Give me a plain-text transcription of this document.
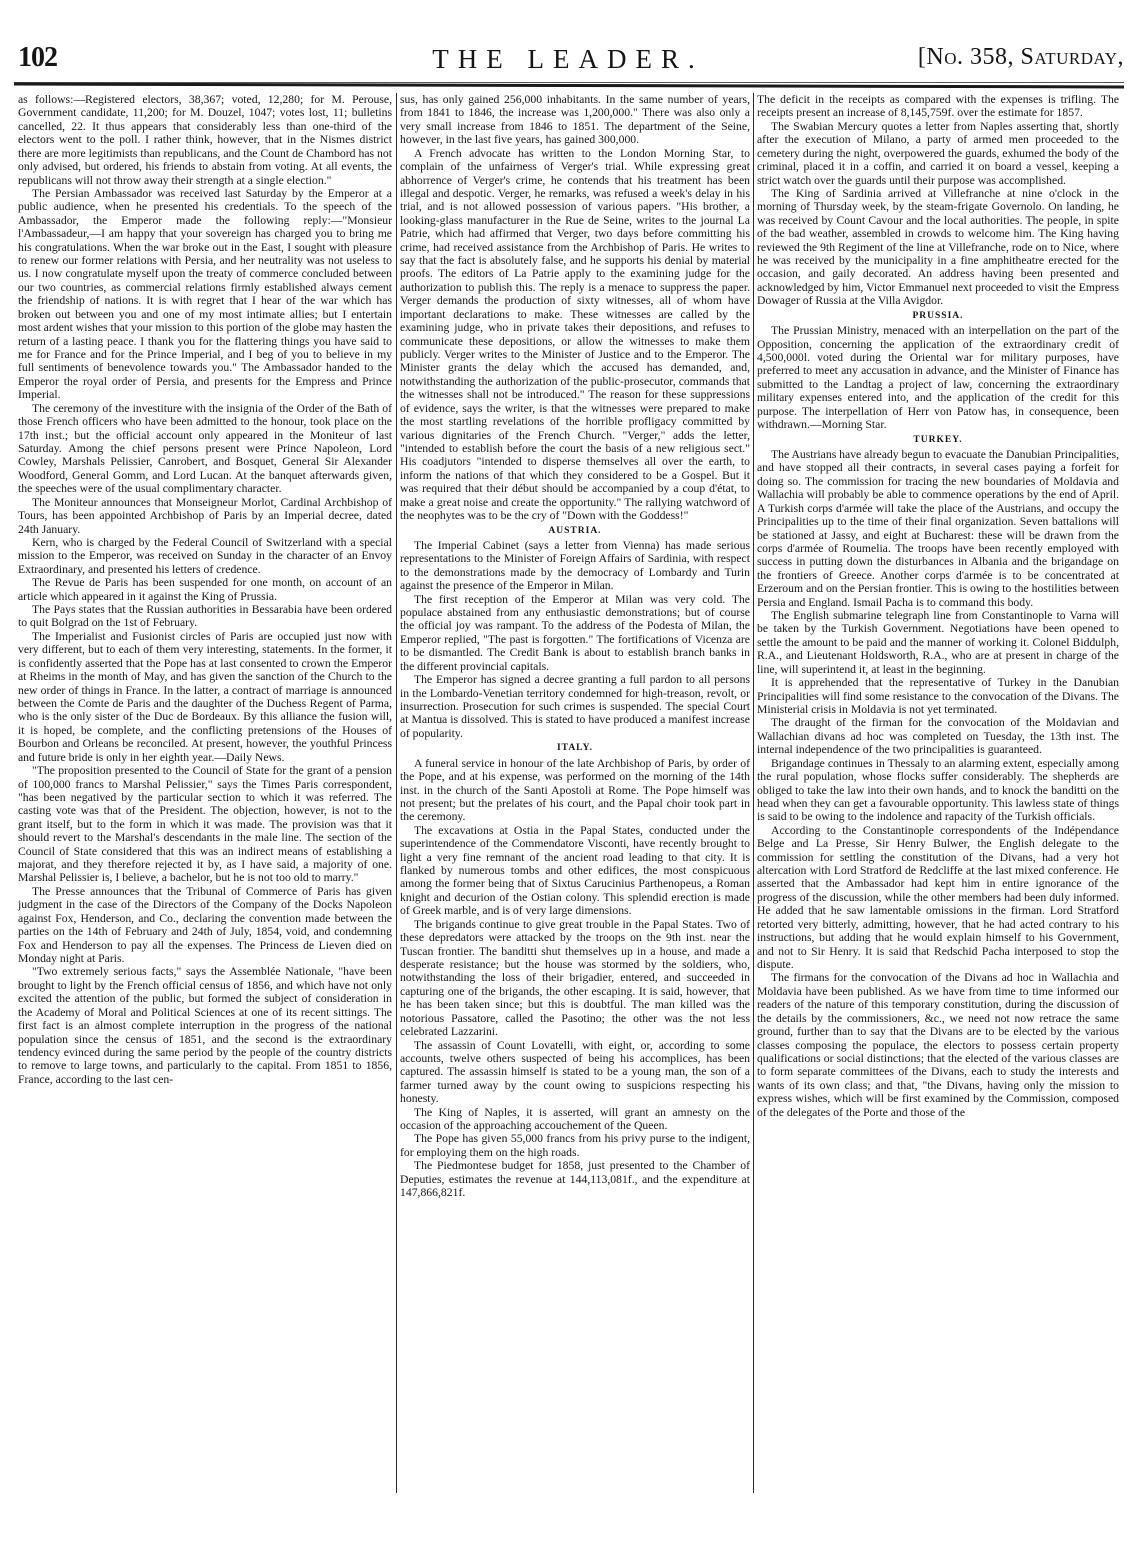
102	THE LEADER.	[No. 358, Saturday,

as follows:—Registered electors, 38,367; voted, 12,280; for M. Perouse, Government candidate, 11,200; for M. Douzel, 1047; votes lost, 11; bulletins cancelled, 22. It thus appears that considerably less than one-third of the electors went to the poll. I rather think, however, that in the Nismes district there are more legitimists than republicans, and the Count de Chambord has not only advised, but ordered, his friends to abstain from voting. At all events, the republicans will not throw away their strength at a single election."

The Persian Ambassador was received last Saturday by the Emperor at a public audience, when he presented his credentials. To the speech of the Ambassador, the Emperor made the following reply:—"Monsieur l'Ambassadeur,—I am happy that your sovereign has charged you to bring me his congratulations. When the war broke out in the East, I sought with pleasure to renew our former relations with Persia, and her neutrality was not useless to us. I now congratulate myself upon the treaty of commerce concluded between our two countries, as commercial relations firmly established always cement the friendship of nations. It is with regret that I hear of the war which has broken out between you and one of my most intimate allies; but I entertain most ardent wishes that your mission to this portion of the globe may hasten the return of a lasting peace. I thank you for the flattering things you have said to me for France and for the Prince Imperial, and I beg of you to believe in my full sentiments of benevolence towards you." The Ambassador handed to the Emperor the royal order of Persia, and presents for the Empress and Prince Imperial.

The ceremony of the investiture with the insignia of the Order of the Bath of those French officers who have been admitted to the honour, took place on the 17th inst.; but the official account only appeared in the Moniteur of last Saturday. Among the chief persons present were Prince Napoleon, Lord Cowley, Marshals Pelissier, Canrobert, and Bosquet, General Sir Alexander Woodford, General Gomm, and Lord Lucan. At the banquet afterwards given, the speeches were of the usual complimentary character.

The Moniteur announces that Monseigneur Morlot, Cardinal Archbishop of Tours, has been appointed Archbishop of Paris by an Imperial decree, dated 24th January.

Kern, who is charged by the Federal Council of Switzerland with a special mission to the Emperor, was received on Sunday in the character of an Envoy Extraordinary, and presented his letters of credence.

The Revue de Paris has been suspended for one month, on account of an article which appeared in it against the King of Prussia.

The Pays states that the Russian authorities in Bessarabia have been ordered to quit Bolgrad on the 1st of February.

The Imperialist and Fusionist circles of Paris are occupied just now with very different, but to each of them very interesting, statements. In the former, it is confidently asserted that the Pope has at last consented to crown the Emperor at Rheims in the month of May, and has given the sanction of the Church to the new order of things in France. In the latter, a contract of marriage is announced between the Comte de Paris and the daughter of the Duchess Regent of Parma, who is the only sister of the Duc de Bordeaux. By this alliance the fusion will, it is hoped, be complete, and the conflicting pretensions of the Houses of Bourbon and Orleans be reconciled. At present, however, the youthful Princess and future bride is only in her eighth year.—Daily News.

"The proposition presented to the Council of State for the grant of a pension of 100,000 francs to Marshal Pelissier," says the Times Paris correspondent, "has been negatived by the particular section to which it was referred. The casting vote was that of the President. The objection, however, is not to the grant itself, but to the form in which it was made. The provision was that it should revert to the Marshal's descendants in the male line. The section of the Council of State considered that this was an indirect means of establishing a majorat, and they therefore rejected it by, as I have said, a majority of one. Marshal Pelissier is, I believe, a bachelor, but he is not too old to marry."

The Presse announces that the Tribunal of Commerce of Paris has given judgment in the case of the Directors of the Company of the Docks Napoleon against Fox, Henderson, and Co., declaring the convention made between the parties on the 14th of February and 24th of July, 1854, void, and condemning Fox and Henderson to pay all the expenses. The Princess de Lieven died on Monday night at Paris.

"Two extremely serious facts," says the Assemblée Nationale, "have been brought to light by the French official census of 1856, and which have not only excited the attention of the public, but formed the subject of consideration in the Academy of Moral and Political Sciences at one of its recent sittings. The first fact is an almost complete interruption in the progress of the national population since the census of 1851, and the second is the extraordinary tendency evinced during the same period by the people of the country districts to remove to large towns, and particularly to the capital. From 1851 to 1856, France, according to the last cen-

sus, has only gained 256,000 inhabitants. In the same number of years, from 1841 to 1846, the increase was 1,200,000." There was also only a very small increase from 1846 to 1851. The department of the Seine, however, in the last five years, has gained 300,000.

A French advocate has written to the London Morning Star, to complain of the unfairness of Verger's trial. While expressing great abhorrence of Verger's crime, he contends that his treatment has been illegal and despotic. Verger, he remarks, was refused a week's delay in his trial, and is not allowed possession of various papers. "His brother, a looking-glass manufacturer in the Rue de Seine, writes to the journal La Patrie, which had affirmed that Verger, two days before committing his crime, had received assistance from the Archbishop of Paris. He writes to say that the fact is absolutely false, and he supports his denial by material proofs. The editors of La Patrie apply to the examining judge for the authorization to publish this. The reply is a menace to suppress the paper. Verger demands the production of sixty witnesses, all of whom have important declarations to make. These witnesses are called by the examining judge, who in private takes their depositions, and refuses to communicate these depositions, or allow the witnesses to make them publicly. Verger writes to the Minister of Justice and to the Emperor. The Minister grants the delay which the accused has demanded, and, notwithstanding the authorization of the public-prosecutor, commands that the witnesses shall not be introduced." The reason for these suppressions of evidence, says the writer, is that the witnesses were prepared to make the most startling revelations of the horrible profligacy committed by various dignitaries of the French Church. "Verger," adds the letter, "intended to establish before the court the basis of a new religious sect." His coadjutors "intended to disperse themselves all over the earth, to inform the nations of that which they considered to be a Gospel. But it was required that their début should be accompanied by a coup d'état, to make a great noise and create the opportunity." The rallying watchword of the neophytes was to be the cry of "Down with the Goddess!"

AUSTRIA.

The Imperial Cabinet (says a letter from Vienna) has made serious representations to the Minister of Foreign Affairs of Sardinia, with respect to the demonstrations made by the democracy of Lombardy and Turin against the presence of the Emperor in Milan.

The first reception of the Emperor at Milan was very cold. The populace abstained from any enthusiastic demonstrations; but of course the official joy was rampant. To the address of the Podesta of Milan, the Emperor replied, "The past is forgotten." The fortifications of Vicenza are to be dismantled. The Credit Bank is about to establish branch banks in the different provincial capitals.

The Emperor has signed a decree granting a full pardon to all persons in the Lombardo-Venetian territory condemned for high-treason, revolt, or insurrection. Prosecution for such crimes is suspended. The special Court at Mantua is dissolved. This is stated to have produced a manifest increase of popularity.

ITALY.

A funeral service in honour of the late Archbishop of Paris, by order of the Pope, and at his expense, was performed on the morning of the 14th inst. in the church of the Santi Apostoli at Rome. The Pope himself was not present; but the prelates of his court, and the Papal choir took part in the ceremony.

The excavations at Ostia in the Papal States, conducted under the superintendence of the Commendatore Visconti, have recently brought to light a very fine remnant of the ancient road leading to that city. It is flanked by numerous tombs and other edifices, the most conspicuous among the former being that of Sixtus Carucinius Parthenopeus, a Roman knight and decurion of the Ostian colony. This splendid erection is made of Greek marble, and is of very large dimensions.

The brigands continue to give great trouble in the Papal States. Two of these depredators were attacked by the troops on the 9th inst. near the Tuscan frontier. The banditti shut themselves up in a house, and made a desperate resistance; but the house was stormed by the soldiers, who, notwithstanding the loss of their brigadier, entered, and succeeded in capturing one of the brigands, the other escaping. It is said, however, that he has been taken since; but this is doubtful. The man killed was the notorious Passatore, called the Pasotino; the other was the not less celebrated Lazzarini.

The assassin of Count Lovatelli, with eight, or, according to some accounts, twelve others suspected of being his accomplices, has been captured. The assassin himself is stated to be a young man, the son of a farmer turned away by the count owing to suspicions respecting his honesty.

The King of Naples, it is asserted, will grant an amnesty on the occasion of the approaching accouchement of the Queen.

The Pope has given 55,000 francs from his privy purse to the indigent, for employing them on the high roads.

The Piedmontese budget for 1858, just presented to the Chamber of Deputies, estimates the revenue at 144,113,081f., and the expenditure at 147,866,821f.

The deficit in the receipts as compared with the expenses is trifling. The receipts present an increase of 8,145,759f. over the estimate for 1857.

The Swabian Mercury quotes a letter from Naples asserting that, shortly after the execution of Milano, a party of armed men proceeded to the cemetery during the night, overpowered the guards, exhumed the body of the criminal, placed it in a coffin, and carried it on board a vessel, keeping a strict watch over the guards until their purpose was accomplished.

The King of Sardinia arrived at Villefranche at nine o'clock in the morning of Thursday week, by the steam-frigate Governolo. On landing, he was received by Count Cavour and the local authorities. The people, in spite of the bad weather, assembled in crowds to welcome him. The King having reviewed the 9th Regiment of the line at Villefranche, rode on to Nice, where he was received by the municipality in a fine amphitheatre erected for the occasion, and gaily decorated. An address having been presented and acknowledged by him, Victor Emmanuel next proceeded to visit the Empress Dowager of Russia at the Villa Avigdor.

PRUSSIA.

The Prussian Ministry, menaced with an interpellation on the part of the Opposition, concerning the application of the extraordinary credit of 4,500,000l. voted during the Oriental war for military purposes, have preferred to meet any accusation in advance, and the Minister of Finance has submitted to the Landtag a project of law, concerning the extraordinary military expenses entered into, and the application of the credit for this purpose. The interpellation of Herr von Patow has, in consequence, been withdrawn.—Morning Star.

TURKEY.

The Austrians have already begun to evacuate the Danubian Principalities, and have stopped all their contracts, in several cases paying a forfeit for doing so. The commission for tracing the new boundaries of Moldavia and Wallachia will probably be able to commence operations by the end of April. A Turkish corps d'armée will take the place of the Austrians, and occupy the Principalities up to the time of their final organization. Seven battalions will be stationed at Jassy, and eight at Bucharest: these will be drawn from the corps d'armée of Roumelia. The troops have been recently employed with success in putting down the disturbances in Albania and the brigandage on the frontiers of Greece. Another corps d'armée is to be concentrated at Erzeroum and on the Persian frontier. This is owing to the hostilities between Persia and England. Ismail Pacha is to command this body.

The English submarine telegraph line from Constantinople to Varna will be taken by the Turkish Government. Negotiations have been opened to settle the amount to be paid and the manner of working it. Colonel Biddulph, R.A., and Lieutenant Holdsworth, R.A., who are at present in charge of the line, will superintend it, at least in the beginning.

It is apprehended that the representative of Turkey in the Danubian Principalities will find some resistance to the convocation of the Divans. The Ministerial crisis in Moldavia is not yet terminated.

The draught of the firman for the convocation of the Moldavian and Wallachian divans ad hoc was completed on Tuesday, the 13th inst. The internal independence of the two principalities is guaranteed.

Brigandage continues in Thessaly to an alarming extent, especially among the rural population, whose flocks suffer considerably. The shepherds are obliged to take the law into their own hands, and to knock the banditti on the head when they can get a favourable opportunity. This lawless state of things is said to be owing to the indolence and rapacity of the Turkish officials.

According to the Constantinople correspondents of the Indépendance Belge and La Presse, Sir Henry Bulwer, the English delegate to the commission for settling the constitution of the Divans, had a very hot altercation with Lord Stratford de Redcliffe at the last mixed conference. He asserted that the Ambassador had kept him in entire ignorance of the progress of the discussion, while the other members had been duly informed. He added that he saw lamentable omissions in the firman. Lord Stratford retorted very bitterly, admitting, however, that he had acted contrary to his instructions, but adding that he would explain himself to his Government, and not to Sir Henry. It is said that Redschid Pacha interposed to stop the dispute.

The firmans for the convocation of the Divans ad hoc in Wallachia and Moldavia have been published. As we have from time to time informed our readers of the nature of this temporary constitution, during the discussion of the details by the commissioners, &c., we need not now retrace the same ground, further than to say that the Divans are to be elected by the various classes composing the populace, the electors to possess certain property qualifications or social distinctions; that the elected of the various classes are to form separate committees of the Divans, each to study the interests and wants of its own class; and that, "the Divans, having only the mission to express wishes, which will be first examined by the Commission, composed of the delegates of the Porte and those of the
